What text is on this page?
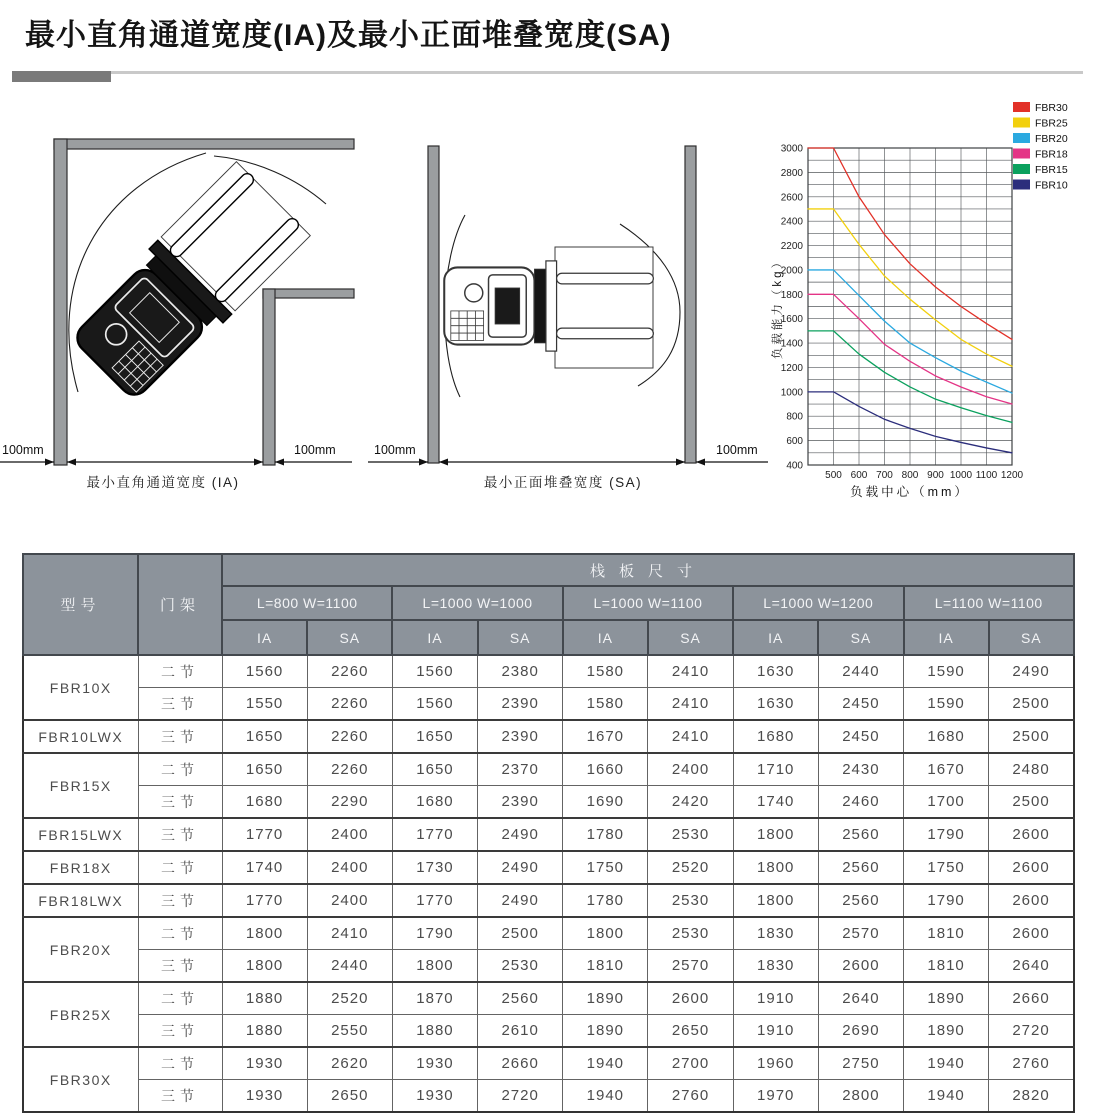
最小直角通道宽度(IA)及最小正面堆叠宽度(SA)
100mm	100mm
最小直角通道宽度 (IA)
100mm	100mm
最小正面堆叠宽度 (SA)
400
600
800
1000
1200
1400
1600
1800
2000
2200
2400
2600
2800
3000
500 600 700 800 900 1000 1100 1200
FBR30
FBR25
FBR20
FBR18
FBR15
FBR10
负载能力（kg）
负载中心（mm）
型号	门架	栈板尺寸									
		L=800 W=1100		L=1000 W=1000		L=1000 W=1100		L=1000 W=1200		L=1100 W=1100	
		IA	SA	IA	SA	IA	SA	IA	SA	IA	SA
FBR10X	二节	1560	2260	1560	2380	1580	2410	1630	2440	1590	2490
	三节	1550	2260	1560	2390	1580	2410	1630	2450	1590	2500
FBR10LWX	三节	1650	2260	1650	2390	1670	2410	1680	2450	1680	2500
FBR15X	二节	1650	2260	1650	2370	1660	2400	1710	2430	1670	2480
	三节	1680	2290	1680	2390	1690	2420	1740	2460	1700	2500
FBR15LWX	三节	1770	2400	1770	2490	1780	2530	1800	2560	1790	2600
FBR18X	二节	1740	2400	1730	2490	1750	2520	1800	2560	1750	2600
FBR18LWX	三节	1770	2400	1770	2490	1780	2530	1800	2560	1790	2600
FBR20X	二节	1800	2410	1790	2500	1800	2530	1830	2570	1810	2600
	三节	1800	2440	1800	2530	1810	2570	1830	2600	1810	2640
FBR25X	二节	1880	2520	1870	2560	1890	2600	1910	2640	1890	2660
	三节	1880	2550	1880	2610	1890	2650	1910	2690	1890	2720
FBR30X	二节	1930	2620	1930	2660	1940	2700	1960	2750	1940	2760
	三节	1930	2650	1930	2720	1940	2760	1970	2800	1940	2820
